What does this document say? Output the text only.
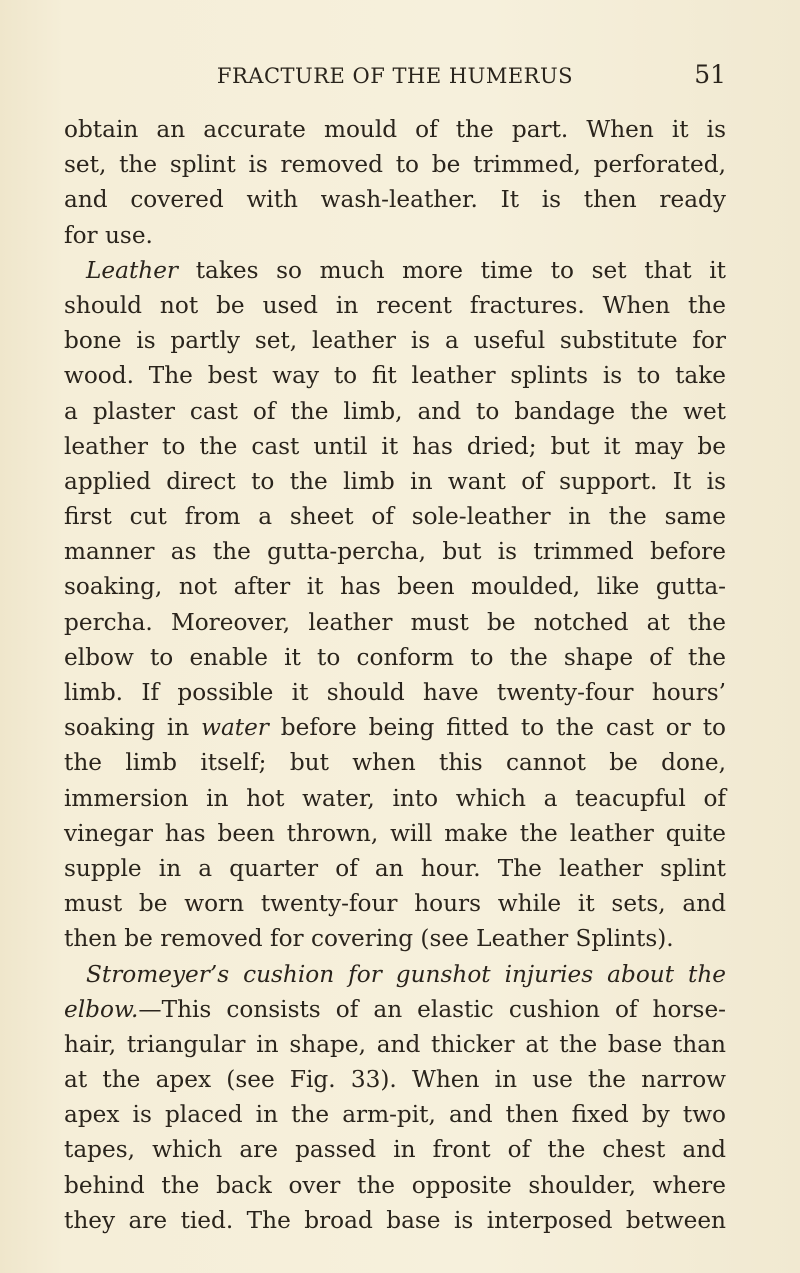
FRACTURE OF THE HUMERUS	51
obtain an accurate mould of the part. When it is
set, the splint is removed to be trimmed, perforated,
and covered with wash-leather. It is then ready
for use.
Leather takes so much more time to set that it
should not be used in recent fractures. When the
bone is partly set, leather is a useful substitute for
wood. The best way to fit leather splints is to take
a plaster cast of the limb, and to bandage the wet
leather to the cast until it has dried; but it may be
applied direct to the limb in want of support. It is
first cut from a sheet of sole-leather in the same
manner as the gutta-percha, but is trimmed before
soaking, not after it has been moulded, like gutta-
percha. Moreover, leather must be notched at the
elbow to enable it to conform to the shape of the
limb. If possible it should have twenty-four hours’
soaking in water before being fitted to the cast or to
the limb itself; but when this cannot be done,
immersion in hot water, into which a teacupful of
vinegar has been thrown, will make the leather quite
supple in a quarter of an hour. The leather splint
must be worn twenty-four hours while it sets, and
then be removed for covering (see Leather Splints).
Stromeyer’s cushion for gunshot injuries about the
elbow.—This consists of an elastic cushion of horse-
hair, triangular in shape, and thicker at the base than
at the apex (see Fig. 33). When in use the narrow
apex is placed in the arm-pit, and then fixed by two
tapes, which are passed in front of the chest and
behind the back over the opposite shoulder, where
they are tied. The broad base is interposed between
